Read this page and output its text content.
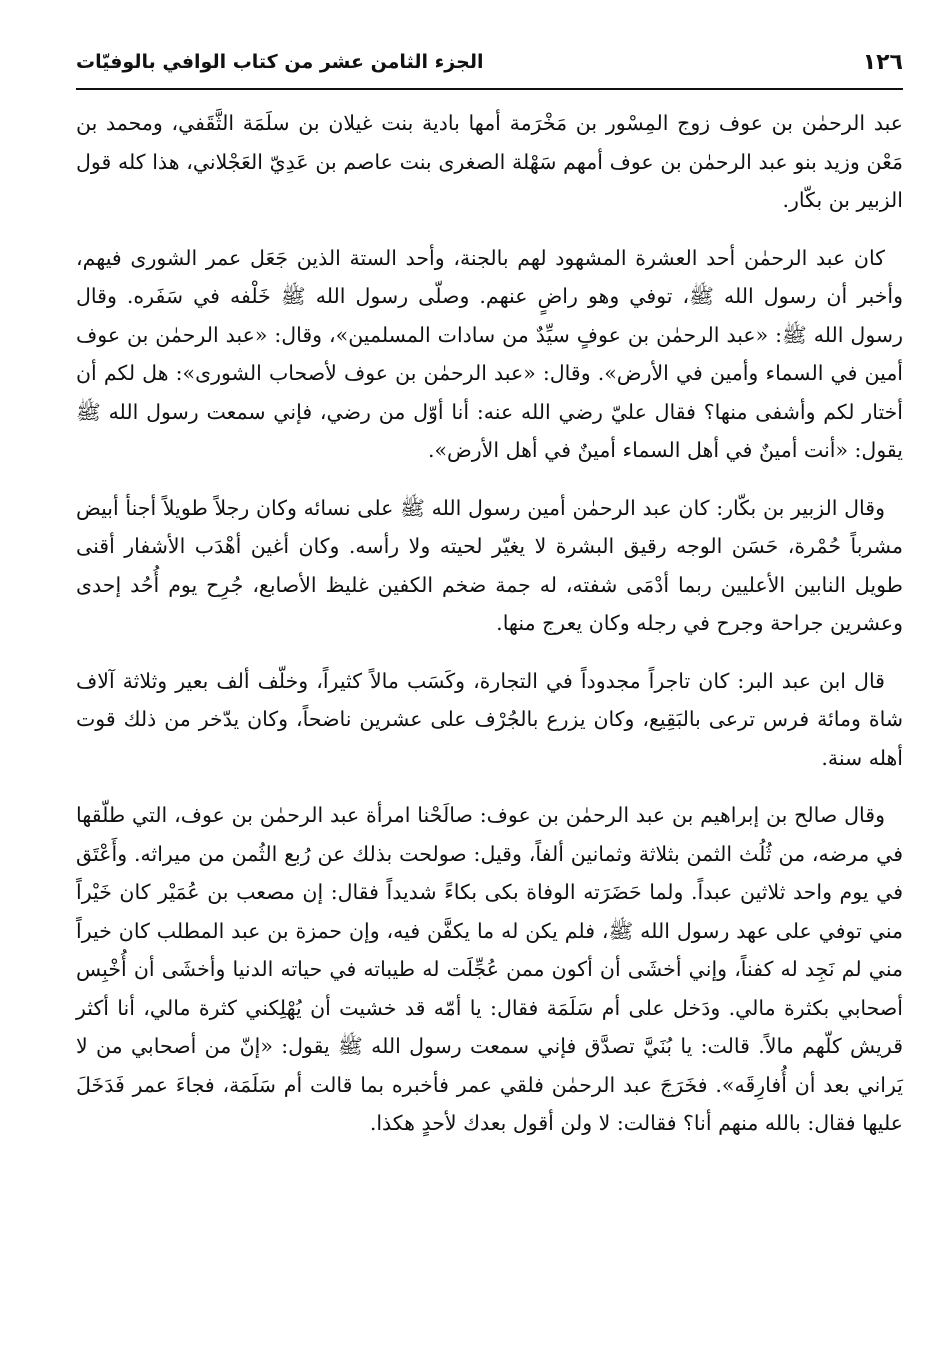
١٢٦
الجزء الثامن عشر من كتاب الوافي بالوفيّات

عبد الرحمٰن بن عوف زوج المِسْور بن مَخْرَمة أمها بادية بنت غيلان بن سلَمَة الثَّقَفي، ومحمد بن مَعْن وزيد بنو عبد الرحمٰن بن عوف أمهم سَهْلة الصغرى بنت عاصم بن عَدِيّ العَجْلاني، هذا كله قول الزبير بن بكّار.

كان عبد الرحمٰن أحد العشرة المشهود لهم بالجنة، وأحد الستة الذين جَعَل عمر الشورى فيهم، وأخبر أن رسول الله ﷺ، توفي وهو راضٍ عنهم. وصلّى رسول الله ﷺ خَلْفه في سَفَره. وقال رسول الله ﷺ: «عبد الرحمٰن بن عوفٍ سيِّدٌ من سادات المسلمين»، وقال: «عبد الرحمٰن بن عوف أمين في السماء وأمين في الأرض». وقال: «عبد الرحمٰن بن عوف لأصحاب الشورى»: هل لكم أن أختار لكم وأشفى منها؟ فقال عليّ رضي الله عنه: أنا أوّل من رضي، فإني سمعت رسول الله ﷺ يقول: «أنت أمينٌ في أهل السماء أمينٌ في أهل الأرض».

وقال الزبير بن بكّار: كان عبد الرحمٰن أمين رسول الله ﷺ على نسائه وكان رجلاً طويلاً أجنأ أبيض مشرباً حُمْرة، حَسَن الوجه رقيق البشرة لا يغيّر لحيته ولا رأسه. وكان أغين أهْدَب الأشفار أقنى طويل النابين الأعليين ربما أدْمَى شفته، له جمة ضخم الكفين غليظ الأصابع، جُرِح يوم أُحُد إحدى وعشرين جراحة وجرح في رجله وكان يعرج منها.

قال ابن عبد البر: كان تاجراً مجدوداً في التجارة، وكَسَب مالاً كثيراً، وخلّف ألف بعير وثلاثة آلاف شاة ومائة فرس ترعى بالبَقِيع، وكان يزرع بالجُرْف على عشرين ناضحاً، وكان يدّخر من ذلك قوت أهله سنة.

وقال صالح بن إبراهيم بن عبد الرحمٰن بن عوف: صالَحْنا امرأة عبد الرحمٰن بن عوف، التي طلّقها في مرضه، من ثُلُث الثمن بثلاثة وثمانين ألفاً، وقيل: صولحت بذلك عن رُبع الثُمن من ميراثه. وأَعْتَق في يوم واحد ثلاثين عبداً. ولما حَضَرَته الوفاة بكى بكاءً شديداً فقال: إن مصعب بن عُمَيْر كان خَيْراً مني توفي على عهد رسول الله ﷺ، فلم يكن له ما يكفَّن فيه، وإن حمزة بن عبد المطلب كان خيراً مني لم نَجِد له كفناً، وإني أخشَى أن أكون ممن عُجِّلَت له طيباته في حياته الدنيا وأخشَى أن أُخْبِس أصحابي بكثرة مالي. ودَخل على أم سَلَمَة فقال: يا أمّه قد خشيت أن يُهْلِكني كثرة مالي، أنا أكثر قريش كلّهم مالاً. قالت: يا بُنَيَّ تصدَّق فإني سمعت رسول الله ﷺ يقول: «إنّ من أصحابي من لا يَراني بعد أن أُفارِقَه». فخَرَجَ عبد الرحمٰن فلقي عمر فأخبره بما قالت أم سَلَمَة، فجاءَ عمر فَدَخَلَ عليها فقال: بالله منهم أنا؟ فقالت: لا ولن أقول بعدك لأحدٍ هكذا.
